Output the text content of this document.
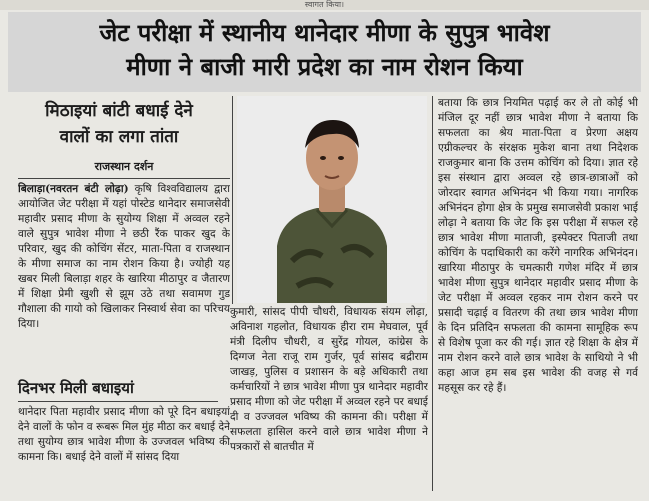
स्वागत किया।
जेट परीक्षा में स्थानीय थानेदार मीणा के सुपुत्र भावेश
मीणा ने बाजी मारी प्रदेश का नाम रोशन किया
मिठाइयां बांटी बधाई देने
वालों का लगा तांता
राजस्थान दर्शन
बिलाड़ा(नवरतन बंटी लोढ़ा) कृषि विश्वविद्यालय द्वारा आयोजित जेट परीक्षा में यहां पोस्टेड थानेदार समाजसेवी महावीर प्रसाद मीणा के सुयोग्य शिक्षा में अव्वल रहने वाले सुपुत्र भावेश मीणा ने छठी रैंक पाकर खुद के परिवार, खुद की कोचिंग सेंटर, माता-पिता व राजस्थान के मीणा समाज का नाम रोशन किया है। ज्योही यह खबर मिली बिलाड़ा शहर के खारिया मीठापुर व जैतारण में शिक्षा प्रेमी खुशी से झूम उठे तथा सवामण गुड गौशाला की गायो को खिलाकर निस्वार्थ सेवा का परिचय दिया।
दिनभर मिली बधाइयां
थानेदार पिता महावीर प्रसाद मीणा को पूरे दिन बधाइयां देने वालों के फोन व रूबरू मिल मुंह मीठा कर बधाई देने तथा सुयोग्य छात्र भावेश मीणा के उज्जवल भविष्य की कामना कि। बधाई देने वालों में सांसद दिया
कुमारी, सांसद पीपी चौधरी, विधायक संयम लोढ़ा, अविनाश गहलोत, विधायक हीरा राम मेघवाल, पूर्व मंत्री दिलीप चौधरी, व सुरेंद्र गोयल, कांग्रेस के दिग्गज नेता राजू राम गुर्जर, पूर्व सांसद बद्रीराम जाखड़, पुलिस व प्रशासन के बड़े अधिकारी तथा कर्मचारियों ने छात्र भावेश मीणा पुत्र थानेदार महावीर प्रसाद मीणा को जेट परीक्षा में अव्वल रहने पर बधाई दी व उज्जवल भविष्य की कामना की। परीक्षा में सफलता हासिल करने वाले छात्र भावेश मीणा ने पत्रकारों से बातचीत में
बताया कि छात्र नियमित पढ़ाई कर ले तो कोई भी मंजिल दूर नहीं छात्र भावेश मीणा ने बताया कि सफलता का श्रेय माता-पिता व प्रेरणा अक्षय एग्रीकल्चर के संरक्षक मुकेश बाना तथा निदेशक राजकुमार बाना कि उत्तम कोचिंग को दिया। ज्ञात रहे इस संस्थान द्वारा अव्वल रहे छात्र-छात्राओं को जोरदार स्वागत अभिनंदन भी किया गया। नागरिक अभिनंदन होगा क्षेत्र के प्रमुख समाजसेवी प्रकाश भाई लोढ़ा ने बताया कि जेट कि इस परीक्षा में सफल रहे छात्र भावेश मीणा माताजी, इस्पेक्टर पिताजी तथा कोचिंग के पदाधिकारी का करेंगे नागरिक अभिनंदन। खारिया मीठापुर के चमत्कारी गणेश मंदिर में छात्र भावेश मीणा सुपुत्र थानेदार महावीर प्रसाद मीणा के जेट परीक्षा में अव्वल रहकर नाम रोशन करने पर प्रसादी चढ़ाई व वितरण की तथा छात्र भावेश मीणा के दिन प्रतिदिन सफलता की कामना सामूहिक रूप से विशेष पूजा कर की गई। ज्ञात रहे शिक्षा के क्षेत्र में नाम रोशन करने वाले छात्र भावेश के साथियो ने भी कहा आज हम सब इस भावेश की वजह से गर्व महसूस कर रहे हैं।
